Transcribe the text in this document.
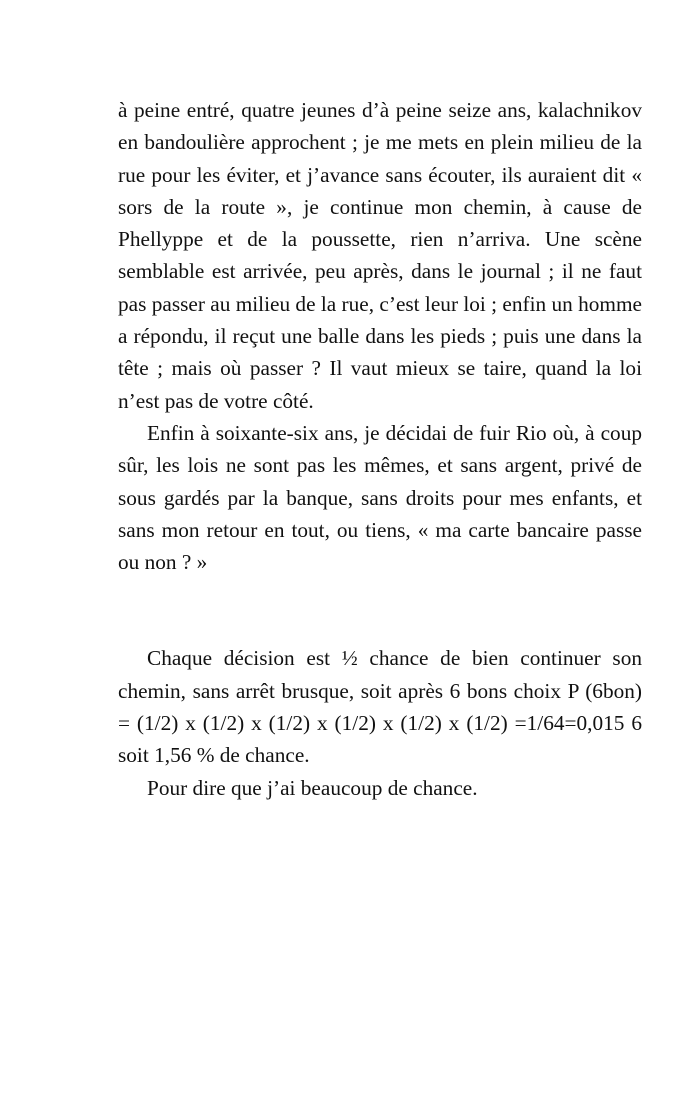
à peine entré, quatre jeunes d’à peine seize ans, kalachnikov en bandoulière approchent ; je me mets en plein milieu de la rue pour les éviter, et j’avance sans écouter, ils auraient dit « sors de la route », je continue mon chemin, à cause de Phellyppe et de la poussette, rien n’arriva. Une scène semblable est arrivée, peu après, dans le journal ; il ne faut pas passer au milieu de la rue, c’est leur loi ; enfin un homme a répondu, il reçut une balle dans les pieds ; puis une dans la tête ; mais où passer ? Il vaut mieux se taire, quand la loi n’est pas de votre côté.

Enfin à soixante-six ans, je décidai de fuir Rio où, à coup sûr, les lois ne sont pas les mêmes, et sans argent, privé de sous gardés par la banque, sans droits pour mes enfants, et sans mon retour en tout, ou tiens, « ma carte bancaire passe ou non ? »

Chaque décision est ½ chance de bien continuer son chemin, sans arrêt brusque, soit après 6 bons choix P (6bon) = (1/2) x (1/2) x (1/2) x (1/2) x (1/2) x (1/2) =1/64=0,015 6 soit 1,56 % de chance.

Pour dire que j’ai beaucoup de chance.
